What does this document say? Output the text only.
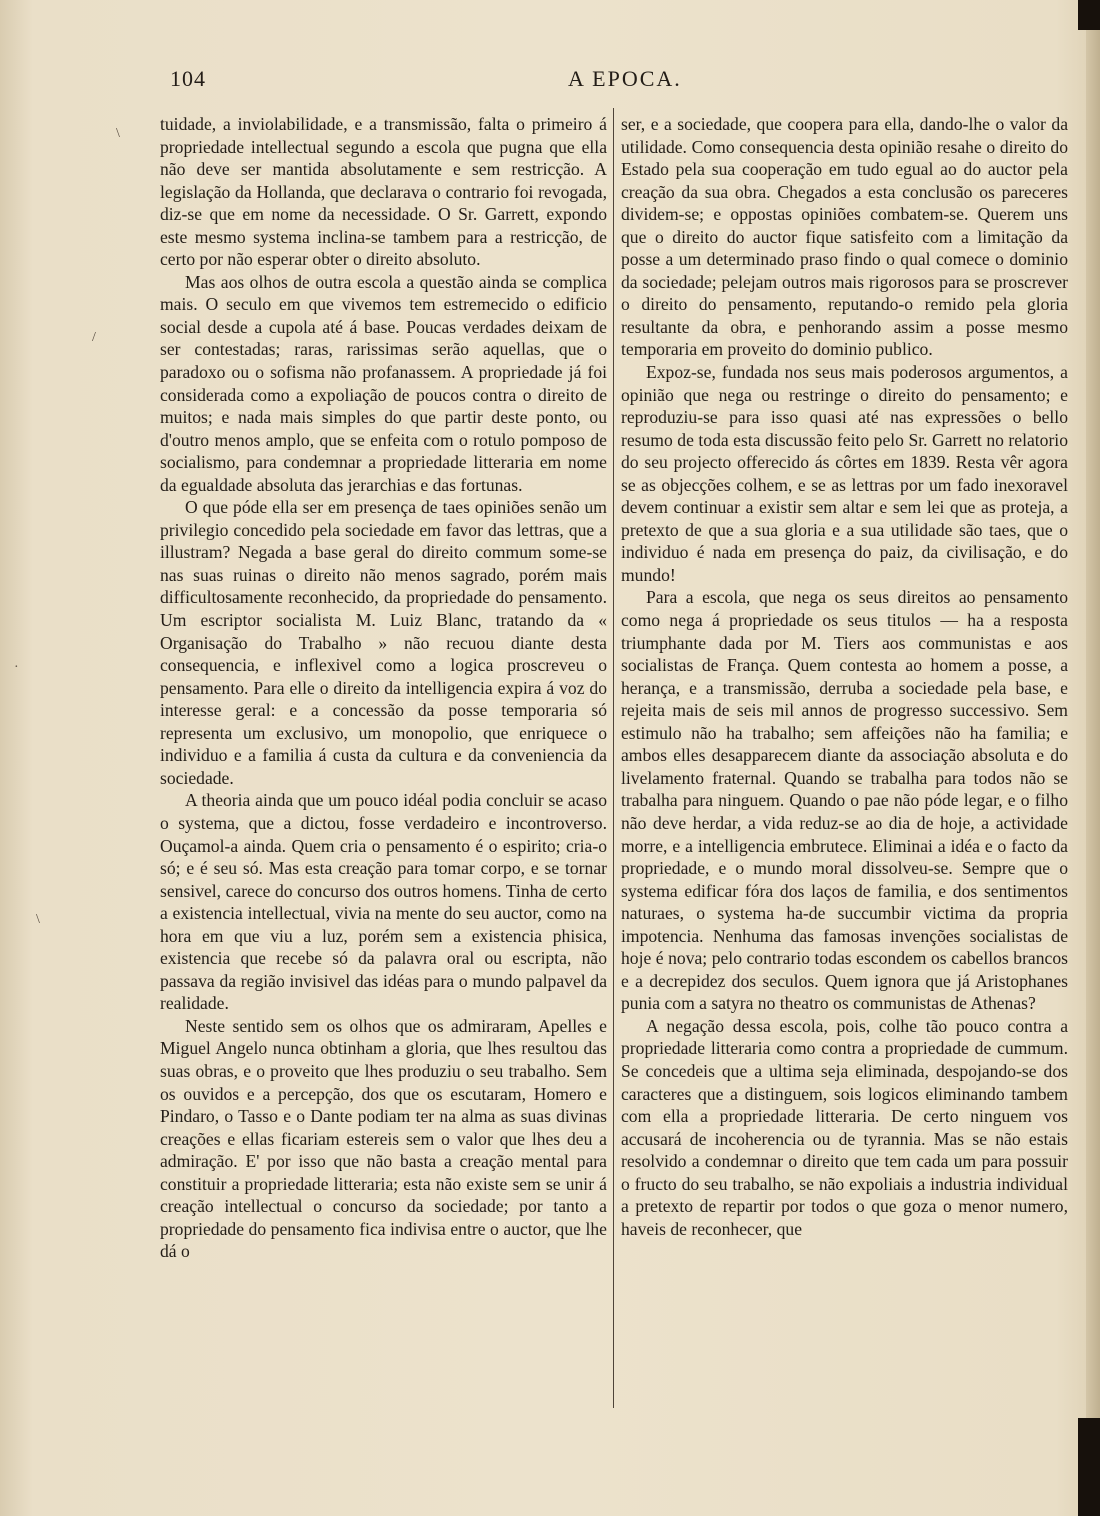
104	A EPOCA.

tuidade, a inviolabilidade, e a transmissão, falta o primeiro á propriedade intellectual segundo a escola que pugna que ella não deve ser mantida absolutamente e sem restricção. A legislação da Hollanda, que declarava o contrario foi revogada, diz-se que em nome da necessidade. O Sr. Garrett, expondo este mesmo systema inclina-se tambem para a restricção, de certo por não esperar obter o direito absoluto.

Mas aos olhos de outra escola a questão ainda se complica mais. O seculo em que vivemos tem estremecido o edificio social desde a cupola até á base. Poucas verdades deixam de ser contestadas; raras, rarissimas serão aquellas, que o paradoxo ou o sofisma não profanassem. A propriedade já foi considerada como a expoliação de poucos contra o direito de muitos; e nada mais simples do que partir deste ponto, ou d'outro menos amplo, que se enfeita com o rotulo pomposo de socialismo, para condemnar a propriedade litteraria em nome da egualdade absoluta das jerarchias e das fortunas.

O que póde ella ser em presença de taes opiniões senão um privilegio concedido pela sociedade em favor das lettras, que a illustram? Negada a base geral do direito commum some-se nas suas ruinas o direito não menos sagrado, porém mais difficultosamente reconhecido, da propriedade do pensamento. Um escriptor socialista M. Luiz Blanc, tratando da « Organisação do Trabalho » não recuou diante desta consequencia, e inflexivel como a logica proscreveu o pensamento. Para elle o direito da intelligencia expira á voz do interesse geral: e a concessão da posse temporaria só representa um exclusivo, um monopolio, que enriquece o individuo e a familia á custa da cultura e da conveniencia da sociedade.

A theoria ainda que um pouco idéal podia concluir se acaso o systema, que a dictou, fosse verdadeiro e incontroverso. Ouçamol-a ainda. Quem cria o pensamento é o espirito; cria-o só; e é seu só. Mas esta creação para tomar corpo, e se tornar sensivel, carece do concurso dos outros homens. Tinha de certo a existencia intellectual, vivia na mente do seu auctor, como na hora em que viu a luz, porém sem a existencia phisica, existencia que recebe só da palavra oral ou escripta, não passava da região invisivel das idéas para o mundo palpavel da realidade.

Neste sentido sem os olhos que os admiraram, Apelles e Miguel Angelo nunca obtinham a gloria, que lhes resultou das suas obras, e o proveito que lhes produziu o seu trabalho. Sem os ouvidos e a percepção, dos que os escutaram, Homero e Pindaro, o Tasso e o Dante podiam ter na alma as suas divinas creações e ellas ficariam estereis sem o valor que lhes deu a admiração. E' por isso que não basta a creação mental para constituir a propriedade litteraria; esta não existe sem se unir á creação intellectual o concurso da sociedade; por tanto a propriedade do pensamento fica indivisa entre o auctor, que lhe dá o

ser, e a sociedade, que coopera para ella, dando-lhe o valor da utilidade. Como consequencia desta opinião resahe o direito do Estado pela sua cooperação em tudo egual ao do auctor pela creação da sua obra. Chegados a esta conclusão os pareceres dividem-se; e oppostas opiniões combatem-se. Querem uns que o direito do auctor fique satisfeito com a limitação da posse a um determinado praso findo o qual comece o dominio da sociedade; pelejam outros mais rigorosos para se proscrever o direito do pensamento, reputando-o remido pela gloria resultante da obra, e penhorando assim a posse mesmo temporaria em proveito do dominio publico.

Expoz-se, fundada nos seus mais poderosos argumentos, a opinião que nega ou restringe o direito do pensamento; e reproduziu-se para isso quasi até nas expressões o bello resumo de toda esta discussão feito pelo Sr. Garrett no relatorio do seu projecto offerecido ás côrtes em 1839. Resta vêr agora se as objecções colhem, e se as lettras por um fado inexoravel devem continuar a existir sem altar e sem lei que as proteja, a pretexto de que a sua gloria e a sua utilidade são taes, que o individuo é nada em presença do paiz, da civilisação, e do mundo!

Para a escola, que nega os seus direitos ao pensamento como nega á propriedade os seus titulos — ha a resposta triumphante dada por M. Tiers aos communistas e aos socialistas de França. Quem contesta ao homem a posse, a herança, e a transmissão, derruba a sociedade pela base, e rejeita mais de seis mil annos de progresso successivo. Sem estimulo não ha trabalho; sem affeições não ha familia; e ambos elles desapparecem diante da associação absoluta e do livelamento fraternal. Quando se trabalha para todos não se trabalha para ninguem. Quando o pae não póde legar, e o filho não deve herdar, a vida reduz-se ao dia de hoje, a actividade morre, e a intelligencia embrutece. Eliminai a idéa e o facto da propriedade, e o mundo moral dissolveu-se. Sempre que o systema edificar fóra dos laços de familia, e dos sentimentos naturaes, o systema ha-de succumbir victima da propria impotencia. Nenhuma das famosas invenções socialistas de hoje é nova; pelo contrario todas escondem os cabellos brancos e a decrepidez dos seculos. Quem ignora que já Aristophanes punia com a satyra no theatro os communistas de Athenas?

A negação dessa escola, pois, colhe tão pouco contra a propriedade litteraria como contra a propriedade de cummum. Se concedeis que a ultima seja eliminada, despojando-se dos caracteres que a distinguem, sois logicos eliminando tambem com ella a propriedade litteraria. De certo ninguem vos accusará de incoherencia ou de tyrannia. Mas se não estais resolvido a condemnar o direito que tem cada um para possuir o fructo do seu trabalho, se não expoliais a industria individual a pretexto de repartir por todos o que goza o menor numero, haveis de reconhecer, que

/
\
\
·
